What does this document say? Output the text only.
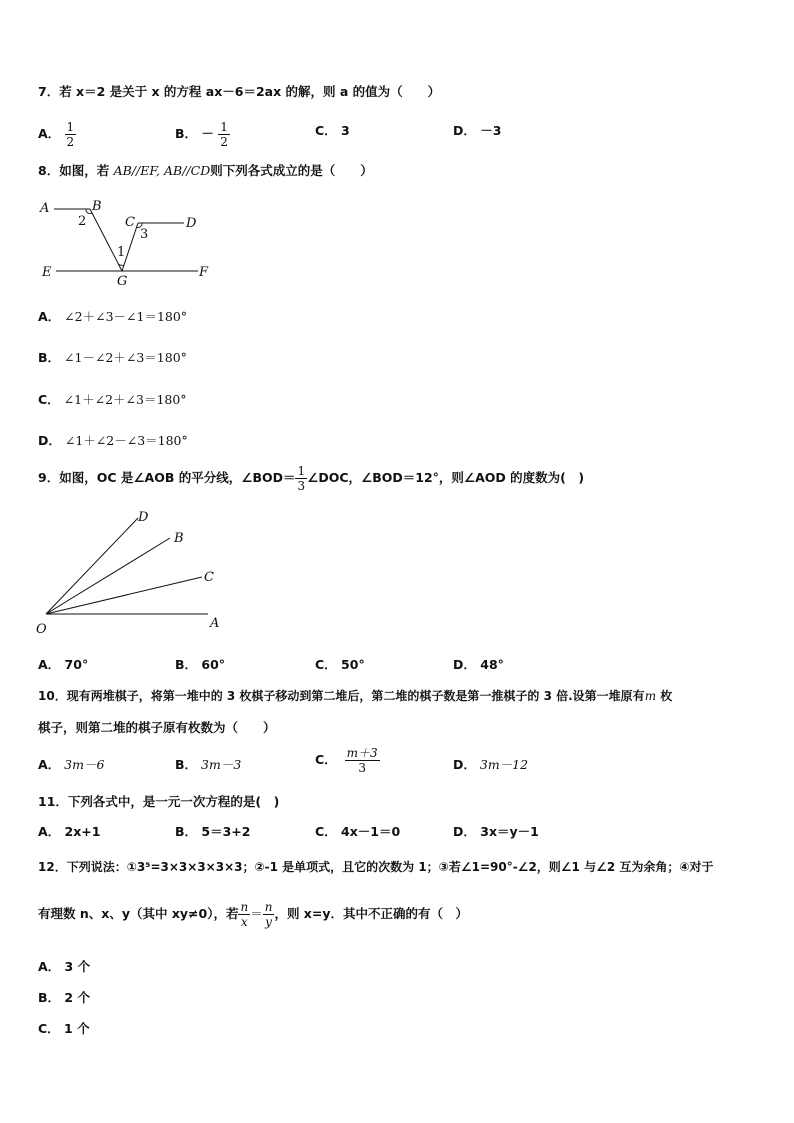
7．若 x＝2 是关于 x 的方程 ax－6＝2ax 的解，则 a 的值为（　　）
A． $\frac{1}{2}$	B． － $\frac{1}{2}$	C． 3	D． －3
8．如图，若 AB//EF, AB//CD则下列各式成立的是（　　）
A	B
C	D
E	F
G
2
1
3
A． ∠2＋∠3－∠1＝180°
B． ∠1－∠2＋∠3＝180°
C． ∠1＋∠2＋∠3＝180°
D． ∠1＋∠2－∠3＝180°
9．如图，OC 是∠AOB 的平分线，∠BOD＝ $\frac{1}{3}$ ∠DOC，∠BOD＝12°，则∠AOD 的度数为(　)
O	A
C
B
D
A． 70°	B． 60°	C． 50°	D． 48°
10．现有两堆棋子，将第一堆中的 3 枚棋子移动到第二堆后，第二堆的棋子数是第一推棋子的 3 倍.设第一堆原有m 枚
棋子，则第二堆的棋子原有枚数为（　　）
A． 3m－6	B． 3m－3	C． $\frac{m+3}{3}$	D． 3m－12
11．下列各式中，是一元一次方程的是(　)
A． 2x+1	B． 5＝3+2	C． 4x－1＝0	D． 3x＝y－1
12．下列说法：①3⁵=3×3×3×3×3；②-1 是单项式，且它的次数为 1；③若∠1=90°-∠2，则∠1 与∠2 互为余角；④对于
有理数 n、x、y（其中 xy≠0），若 $\frac{n}{x} = \frac{n}{y}$ ，则 x=y．其中不正确的有（　）
A． 3 个
B． 2 个
C． 1 个
